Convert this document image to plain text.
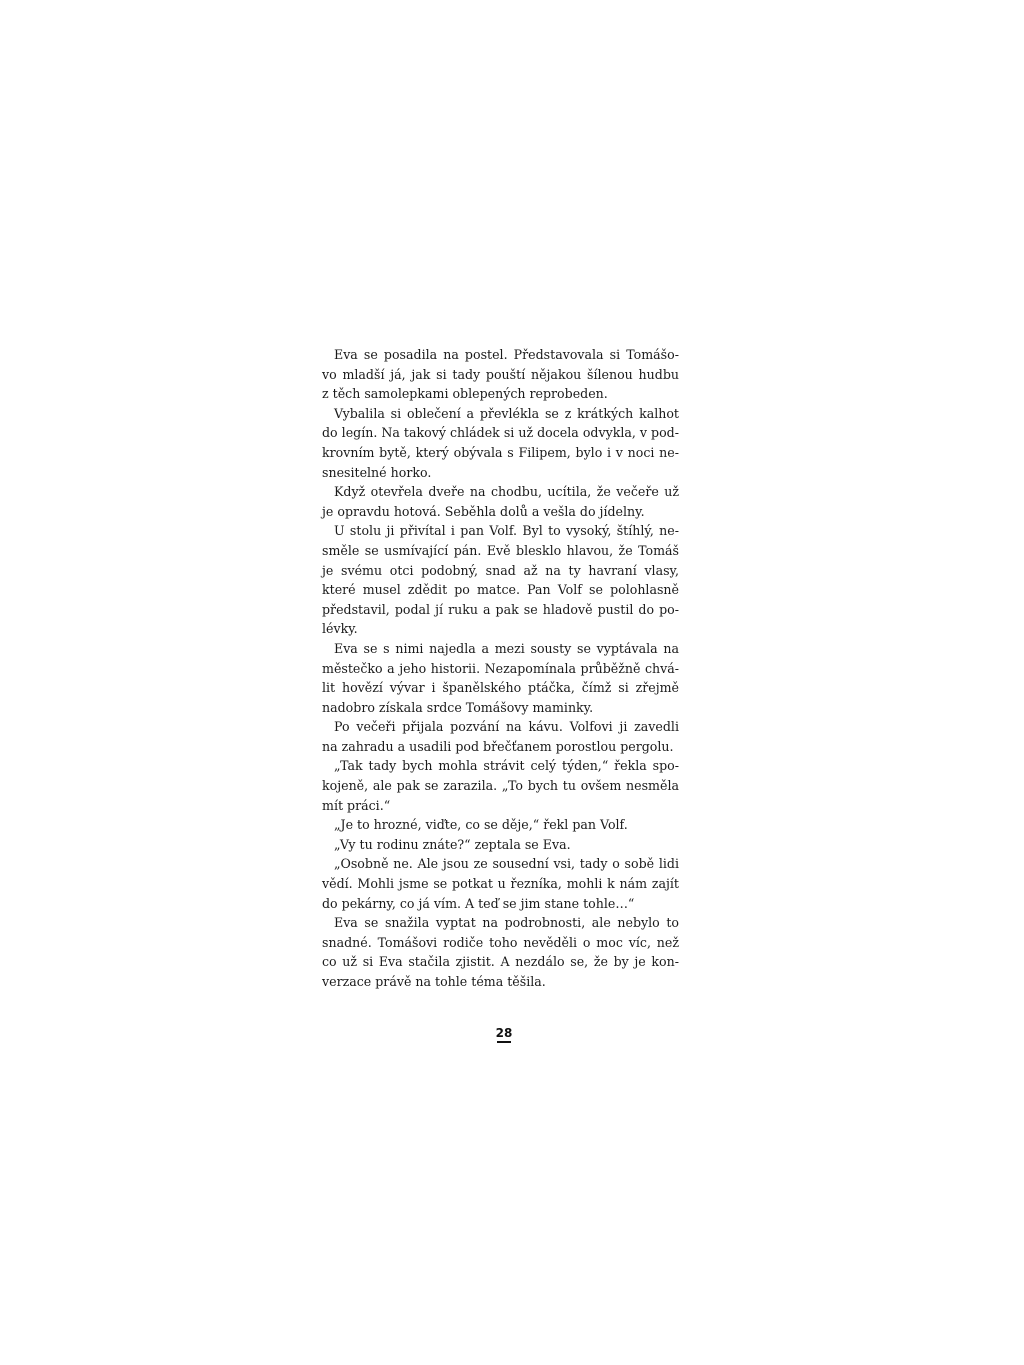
Eva se posadila na postel. Představovala si Tomášo-
vo mladší já, jak si tady pouští nějakou šílenou hudbu
z těch samolepkami oblepených reprobeden.
Vybalila si oblečení a převlékla se z krátkých kalhot
do legín. Na takový chládek si už docela odvykla, v pod-
krovním bytě, který obývala s Filipem, bylo i v noci ne-
snesitelné horko.
Když otevřela dveře na chodbu, ucítila, že večeře už
je opravdu hotová. Seběhla dolů a vešla do jídelny.
U stolu ji přivítal i pan Volf. Byl to vysoký, štíhlý, ne-
směle se usmívající pán. Evě blesklo hlavou, že Tomáš
je svému otci podobný, snad až na ty havraní vlasy,
které musel zdědit po matce. Pan Volf se polohlasně
představil, podal jí ruku a pak se hladově pustil do po-
lévky.
Eva se s nimi najedla a mezi sousty se vyptávala na
městečko a jeho historii. Nezapomínala průběžně chvá-
lit hovězí vývar i španělského ptáčka, čímž si zřejmě
nadobro získala srdce Tomášovy maminky.
Po večeři přijala pozvání na kávu. Volfovi ji zavedli
na zahradu a usadili pod břečťanem porostlou pergolu.
„Tak tady bych mohla strávit celý týden,“ řekla spo-
kojeně, ale pak se zarazila. „To bych tu ovšem nesměla
mít práci.“
„Je to hrozné, viďte, co se děje,“ řekl pan Volf.
„Vy tu rodinu znáte?“ zeptala se Eva.
„Osobně ne. Ale jsou ze sousední vsi, tady o sobě lidi
vědí. Mohli jsme se potkat u řezníka, mohli k nám zajít
do pekárny, co já vím. A teď se jim stane tohle…“
Eva se snažila vyptat na podrobnosti, ale nebylo to
snadné. Tomášovi rodiče toho nevěděli o moc víc, než
co už si Eva stačila zjistit. A nezdálo se, že by je kon-
verzace právě na tohle téma těšila.
28
